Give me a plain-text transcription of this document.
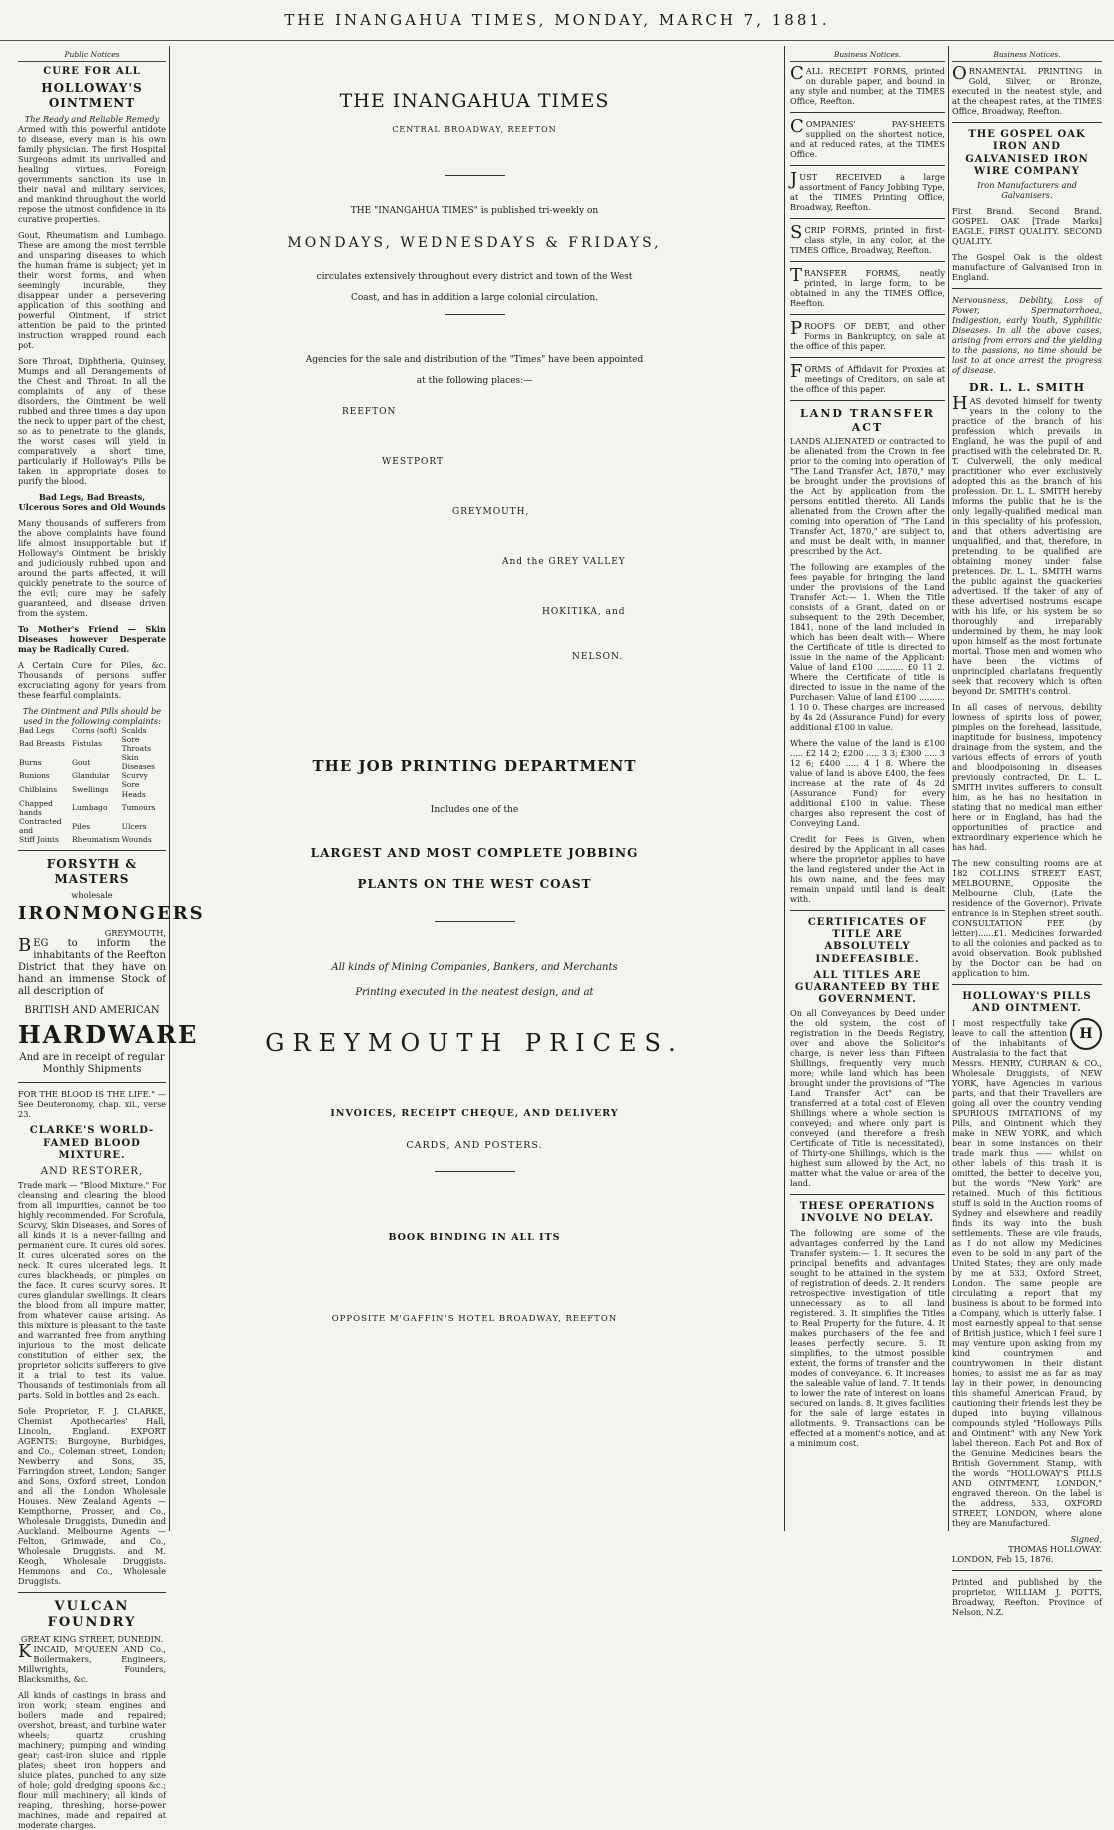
THE INANGAHUA TIMES, MONDAY, MARCH 7, 1881.
Public Notices
CURE FOR ALL
HOLLOWAY'S OINTMENT
The Ready and Reliable Remedy
Armed with this powerful antidote to disease, every man is his own family physician. The first Hospital Surgeons admit its unrivalled and healing virtues. Foreign governments sanction its use in their naval and military services, and mankind throughout the world repose the utmost confidence in its curative properties.
Gout, Rheumatism and Lumbago. These are among the most terrible and unsparing diseases to which the human frame is subject; yet in their worst forms, and when seemingly incurable, they disappear under a persevering application of this soothing and powerful Ointment, if strict attention be paid to the printed instruction wrapped round each pot.
Sore Throat, Diphtheria, Quinsey, Mumps and all Derangements of the Chest and Throat. In all the complaints of any of these disorders, the Ointment be well rubbed and three times a day upon the neck to upper part of the chest, so as to penetrate to the glands, the worst cases will yield in comparatively a short time, particularly if Holloway's Pills be taken in appropriate doses to purify the blood.
Bad Legs, Bad Breasts, Ulcerous Sores and Old Wounds
Many thousands of sufferers from the above complaints have found life almost insupportable but if Holloway's Ointment be briskly and judiciously rubbed upon and around the parts affected, it will quickly penetrate to the source of the evil; cure may be safely guaranteed, and disease driven from the system.
To Mother's Friend — Skin Diseases however Desperate may be Radically Cured.
A Certain Cure for Piles, &c. Thousands of persons suffer excruciating agony for years from these fearful complaints.
The Ointment and Pills should be used in the following complaints:
Bad Legs	Corns (soft)	Scalds
Bad Breasts	Fistulas	Sore Throats
Burns	Gout	Skin Diseases
Bunions	Glandular	Scurvy
Chilblains	Swellings	Sore Heads
Chapped hands	Lumbago	Tumours
Contracted and	Piles	Ulcers
Stiff Joints	Rheumatism	Wounds
FORSYTH & MASTERS
wholesale
IRONMONGERS
GREYMOUTH,
BEG to inform the inhabitants of the Reefton District that they have on hand an immense Stock of all description of
BRITISH AND AMERICAN
HARDWARE
And are in receipt of regular Monthly Shipments
FOR THE BLOOD IS THE LIFE." — See Deuteronomy, chap. xii., verse 23.
CLARKE'S WORLD-FAMED BLOOD MIXTURE.
AND RESTORER,
Trade mark — "Blood Mixture." For cleansing and clearing the blood from all impurities, cannot be too highly recommended. For Scrofula, Scurvy, Skin Diseases, and Sores of all kinds it is a never-failing and permanent cure. It cures old sores. It cures ulcerated sores on the neck. It cures ulcerated legs. It cures blackheads, or pimples on the face. It cures scurvy sores. It cures glandular swellings. It clears the blood from all impure matter, from whatever cause arising. As this mixture is pleasant to the taste and warranted free from anything injurious to the most delicate constitution of either sex, the proprietor solicits sufferers to give it a trial to test its value. Thousands of testimonials from all parts. Sold in bottles and 2s each.
Sole Proprietor, F. J. CLARKE, Chemist Apothecaries' Hall, Lincoln, England. EXPORT AGENTS: Burgoyne, Burbidges, and Co., Coleman street, London; Newberry and Sons, 35, Farringdon street, London; Sanger and Sons, Oxford street, London and all the London Wholesale Houses. New Zealand Agents — Kempthorne, Prosser, and Co., Wholesale Druggists, Dunedin and Auckland. Melbourne Agents — Felton, Grimwade, and Co., Wholesale Druggists. and M. Keogh, Wholesale Druggists. Hemmons and Co., Wholesale Druggists.
VULCAN FOUNDRY
GREAT KING STREET, DUNEDIN.
KINCAID, M'QUEEN AND Co., Boilermakers, Engineers, Millwrights, Founders, Blacksmiths, &c.
All kinds of castings in brass and iron work; steam engines and boilers made and repaired; overshot, breast, and turbine water wheels; quartz crushing machinery; pumping and winding gear; cast-iron sluice and ripple plates; sheet iron hoppers and sluice plates, punched to any size of hole; gold dredging spoons &c.; flour mill machinery; all kinds of reaping, threshing, horse-power machines, made and repaired at moderate charges.
THE INANGAHUA TIMES
CENTRAL BROADWAY, REEFTON
THE "INANGAHUA TIMES" is published tri-weekly on
MONDAYS, WEDNESDAYS & FRIDAYS,
circulates extensively throughout every district and town of the West
Coast, and has in addition a large colonial circulation.
Agencies for the sale and distribution of the "Times" have been appointed
at the following places:—
REEFTON
WESTPORT
GREYMOUTH,
And the GREY VALLEY
HOKITIKA, and
NELSON.
THE JOB PRINTING DEPARTMENT
Includes one of the
LARGEST AND MOST COMPLETE JOBBING
PLANTS ON THE WEST COAST
All kinds of Mining Companies, Bankers, and Merchants
Printing executed in the neatest design, and at
GREYMOUTH PRICES.
INVOICES, RECEIPT CHEQUE, AND DELIVERY
CARDS, AND POSTERS.
BOOK BINDING IN ALL ITS
OPPOSITE M'GAFFIN'S HOTEL BROADWAY, REEFTON
Business Notices.
CALL RECEIPT FORMS, printed on durable paper, and bound in any style and number, at the TIMES Office, Reefton.
COMPANIES' PAY-SHEETS supplied on the shortest notice, and at reduced rates, at the TIMES Office.
JUST RECEIVED a large assortment of Fancy Jobbing Type, at the TIMES Printing Office, Broadway, Reefton.
SCRIP FORMS, printed in first-class style, in any color, at the TIMES Office, Broadway, Reefton.
TRANSFER FORMS, neatly printed, in large form, to be obtained in any the TIMES Office, Reefton.
PROOFS OF DEBT, and other Forms in Bankruptcy, on sale at the office of this paper.
FORMS of Affidavit for Proxies at meetings of Creditors, on sale at the office of this paper.
LAND TRANSFER ACT
LANDS ALIENATED or contracted to be alienated from the Crown in fee prior to the coming into operation of "The Land Transfer Act, 1870," may be brought under the provisions of the Act by application from the persons entitled thereto. All Lands alienated from the Crown after the coming into operation of "The Land Transfer Act, 1870," are subject to, and must be dealt with, in manner prescribed by the Act.
The following are examples of the fees payable for bringing the land under the provisions of the Land Transfer Act:— 1. When the Title consists of a Grant, dated on or subsequent to the 29th December, 1841, none of the land included in which has been dealt with— Where the Certificate of title is directed to issue in the name of the Applicant: Value of land £100 .......... £0 11 2. Where the Certificate of title is directed to issue in the name of the Purchaser: Value of land £100 .......... 1 10 0. These charges are increased by 4s 2d (Assurance Fund) for every additional £100 in value.
Where the value of the land is £100 ..... £2 14 2; £200 ..... 3 3; £300 ..... 3 12 6; £400 ..... 4 1 8. Where the value of land is above £400, the fees increase at the rate of 4s 2d (Assurance Fund) for every additional £100 in value. These charges also represent the cost of Conveying Land.
Credit for Fees is Given, when desired by the Applicant in all cases where the proprietor applies to have the land registered under the Act in his own name, and the fees may remain unpaid until land is dealt with.
CERTIFICATES OF TITLE ARE ABSOLUTELY INDEFEASIBLE.
ALL TITLES ARE GUARANTEED BY THE GOVERNMENT.
On all Conveyances by Deed under the old system, the cost of registration in the Deeds Registry, over and above the Solicitor's charge, is never less than Fifteen Shillings, frequently very much more; while land which has been brought under the provisions of "The Land Transfer Act" can be transferred at a total cost of Eleven Shillings where a whole section is conveyed; and where only part is conveyed (and therefore a fresh Certificate of Title is necessitated), of Thirty-one Shillings, which is the highest sum allowed by the Act, no matter what the value or area of the land.
THESE OPERATIONS INVOLVE NO DELAY.
The following are some of the advantages conferred by the Land Transfer system:— 1. It secures the principal benefits and advantages sought to be attained in the system of registration of deeds. 2. It renders retrospective investigation of title unnecessary as to all land registered. 3. It simplifies the Titles to Real Property for the future. 4. It makes purchasers of the fee and leases perfectly secure. 5. It simplifies, to the utmost possible extent, the forms of transfer and the modes of conveyance. 6. It increases the saleable value of land. 7. It tends to lower the rate of interest on loans secured on lands. 8. It gives facilities for the sale of large estates in allotments. 9. Transactions can be effected at a moment's notice, and at a minimum cost.
Business Notices.
ORNAMENTAL PRINTING in Gold, Silver, or Bronze, executed in the neatest style, and at the cheapest rates, at the TIMES Office, Broadway, Reefton.
THE GOSPEL OAK IRON AND GALVANISED IRON WIRE COMPANY
Iron Manufacturers and Galvanisers.
First Brand. Second Brand. GOSPEL OAK [Trade Marks] EAGLE. FIRST QUALITY. SECOND QUALITY.
The Gospel Oak is the oldest manufacture of Galvanised Iron in England.
Nervousness, Debility, Loss of Power, Spermatorrhoea, Indigestion, early Youth, Syphilitic Diseases. In all the above cases, arising from errors and the yielding to the passions, no time should be lost to at once arrest the progress of disease.
DR. L. L. SMITH
HAS devoted himself for twenty years in the colony to the practice of the branch of his profession which prevails in England, he was the pupil of and practised with the celebrated Dr. R. T. Culverwell, the only medical practitioner who ever exclusively adopted this as the branch of his profession. Dr. L. L. SMITH hereby informs the public that he is the only legally-qualified medical man in this speciality of his profession, and that others advertising are unqualified, and that, therefore, in pretending to be qualified are obtaining money under false pretences. Dr. L. L. SMITH warns the public against the quackeries advertised. If the taker of any of these advertised nostrums escape with his life, or his system be so thoroughly and irreparably undermined by them, he may look upon himself as the most fortunate mortal. Those men and women who have been the victims of unprincipled charlatans frequently seek that recovery which is often beyond Dr. SMITH's control.
In all cases of nervous, debility lowness of spirits loss of power, pimples on the forehead, lassitude, inaptitude for business, impotency drainage from the system, and the various effects of errors of youth and bloodpoisoning in diseases previously contracted, Dr. L. L. SMITH invites sufferers to consult him, as he has no hesitation in stating that no medical man either here or in England, has had the opportunities of practice and extraordinary experience which he has had.
The new consulting rooms are at 182 COLLINS STREET EAST, MELBOURNE, Opposite the Melbourne Club, (Late the residence of the Governor). Private entrance is in Stephen street south. CONSULTATION FEE (by letter)......£1. Medicines forwarded to all the colonies and packed as to avoid observation. Book published by the Doctor can be had on application to him.
HOLLOWAY'S PILLS AND OINTMENT.
H
I most respectfully take leave to call the attention of the inhabitants of Australasia to the fact that Messrs. HENRY, CURRAN & CO., Wholesale Druggists, of NEW YORK, have Agencies in various parts, and that their Travellers are going all over the country vending SPURIOUS IMITATIONS of my Pills, and Ointment which they make in NEW YORK, and which bear in some instances on their trade mark thus —— whilst on other labels of this trash it is omitted, the better to deceive you, but the words "New York" are retained. Much of this fictitious stuff is sold in the Auction rooms of Sydney and elsewhere and readily finds its way into the bush settlements. These are vile frauds, as I do not allow my Medicines even to be sold in any part of the United States; they are only made by me at 533, Oxford Street, London. The same people are circulating a report that my business is about to be formed into a Company, which is utterly false. I most earnestly appeal to that sense of British justice, which I feel sure I may venture upon asking from my kind countrymen and countrywomen in their distant homes, to assist me as far as may lay in their power, in denouncing this shameful American Fraud, by cautioning their friends lest they be duped into buying villainous compounds styled "Holloways Pills and Ointment" with any New York label thereon. Each Pot and Box of the Genuine Medicines bears the British Government Stamp, with the words "HOLLOWAY'S PILLS AND OINTMENT, LONDON," engraved thereon. On the label is the address, 533, OXFORD STREET, LONDON, where alone they are Manufactured.
Signed,
THOMAS HOLLOWAY.
LONDON, Feb 15, 1876.
Printed and published by the proprietor, WILLIAM J. POTTS, Broadway, Reefton. Province of Nelson, N.Z.
